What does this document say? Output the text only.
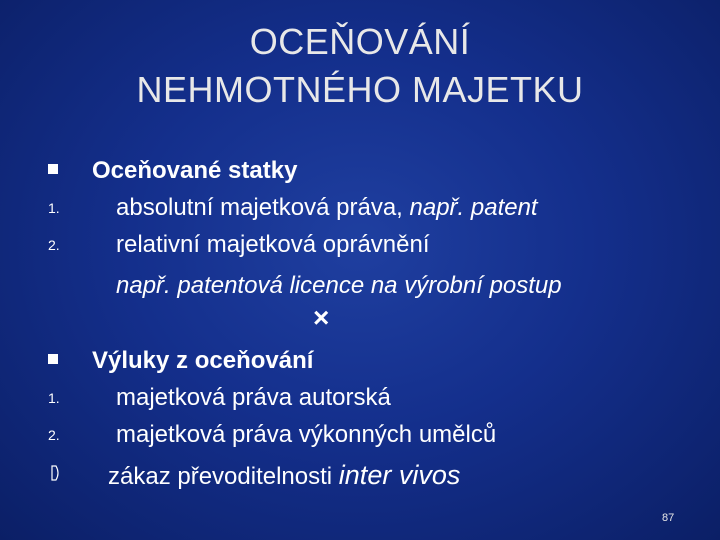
OCEŇOVÁNÍ
NEHMOTNÉHO MAJETKU
Oceňované statky
1. absolutní majetková práva, např. patent
2. relativní majetková oprávnění
např. patentová licence na výrobní postup
×
Výluky z oceňování
1. majetková práva autorská
2. majetková práva výkonných umělců
zákaz převoditelnosti inter vivos
87
